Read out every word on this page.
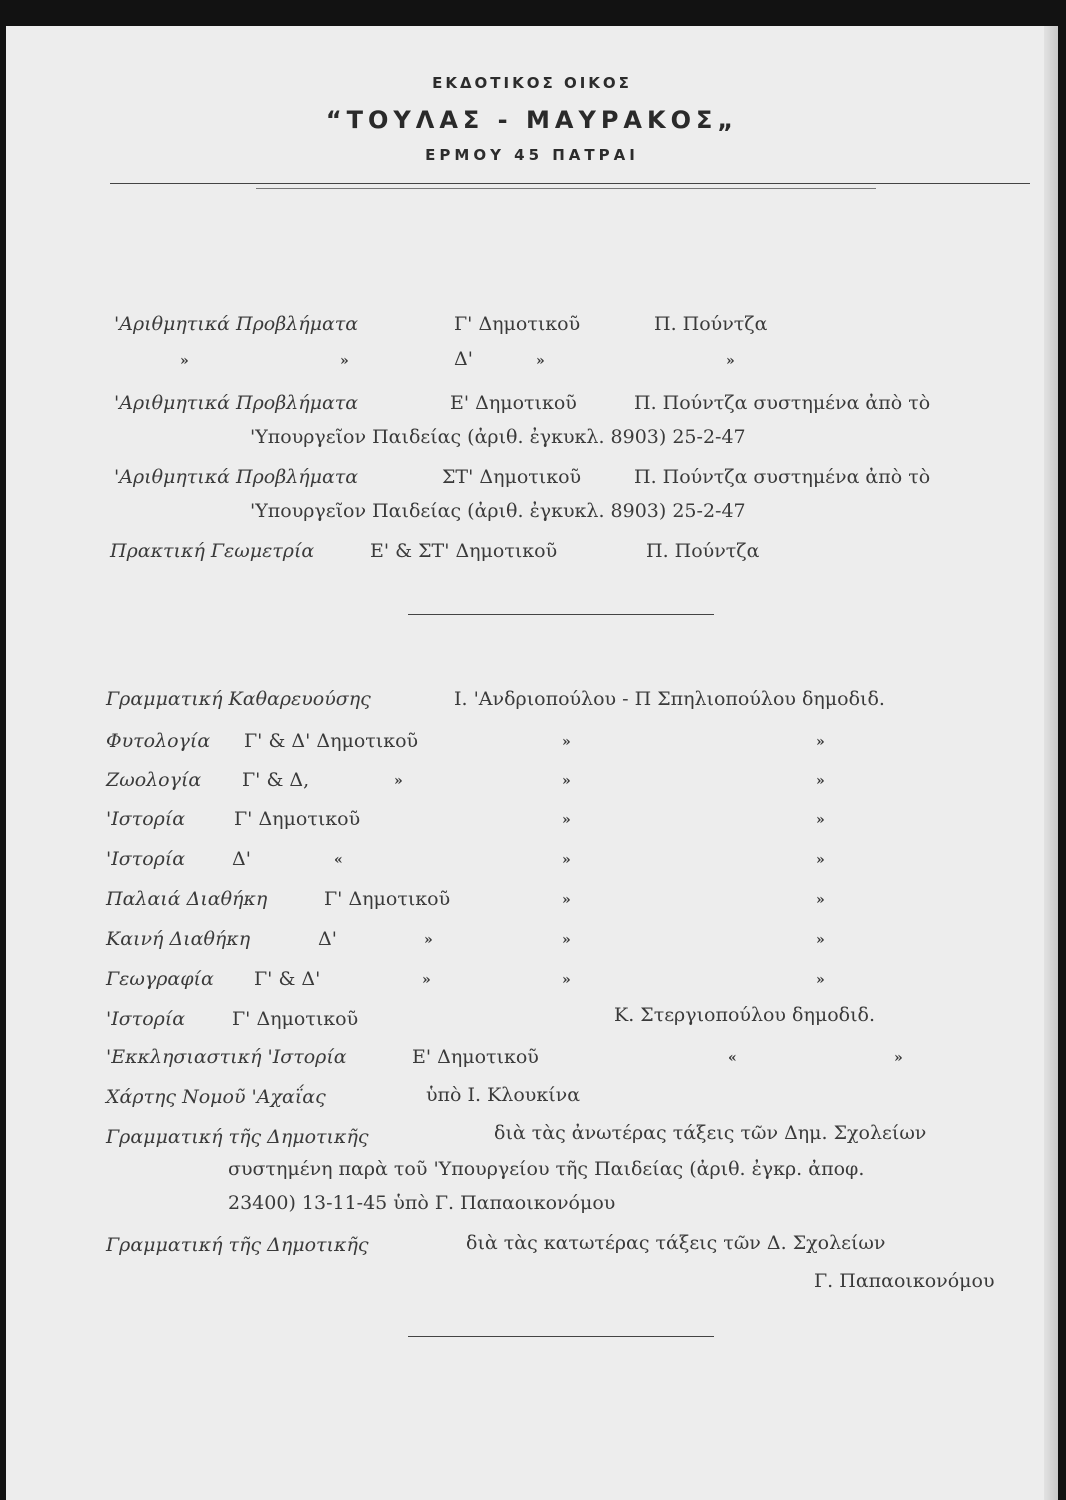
ΕΚΔΟΤΙΚΟΣ ΟΙΚΟΣ
“ΤΟΥΛΑΣ - ΜΑΥΡΑΚΟΣ„
ΕΡΜΟΥ 45 ΠΑΤΡΑΙ
'Αριθμητικά Προβλήματα	Γ' Δημοτικοῦ	Π. Πούντζα
»	»	Δ'	»	»
'Αριθμητικά Προβλήματα	Ε' Δημοτικοῦ	Π. Πούντζα συστημένα ἀπὸ τὸ
'Υπουργεῖον Παιδείας (ἀριθ. ἐγκυκλ. 8903) 25-2-47
'Αριθμητικά Προβλήματα	ΣΤ' Δημοτικοῦ	Π. Πούντζα συστημένα ἀπὸ τὸ
'Υπουργεῖον Παιδείας (ἀριθ. ἐγκυκλ. 8903) 25-2-47
Πρακτική Γεωμετρία	Ε' & ΣΤ' Δημοτικοῦ	Π. Πούντζα
Γραμματική Καθαρευούσης	Ι. 'Ανδριοπούλου - Π Σπηλιοπούλου δημοδιδ.
Φυτολογία Γ' & Δ' Δημοτικοῦ	»	»
Ζωολογία Γ' & Δ,	»	»	»
'Ιστορία	Γ' Δημοτικοῦ	»	»
'Ιστορία Δ'	«	»	»
Παλαιά Διαθήκη	Γ' Δημοτικοῦ	»	»
Καινή Διαθήκη	Δ'	»	»	»
Γεωγραφία Γ' & Δ'	»	»	»
'Ιστορία Γ' Δημοτικοῦ	Κ. Στεργιοπούλου δημοδιδ.
'Εκκλησιαστική 'Ιστορία	Ε' Δημοτικοῦ	«	»
Χάρτης Νομοῦ 'Αχαΐας	ὑπὸ Ι. Κλουκίνα
Γραμματική τῆς Δημοτικῆς	διὰ τὰς ἀνωτέρας τάξεις τῶν Δημ. Σχολείων
συστημένη παρὰ τοῦ 'Υπουργείου τῆς Παιδείας (ἀριθ. ἐγκρ. ἀποφ.
23400) 13-11-45 ὑπὸ Γ. Παπαοικονόμου
Γραμματική τῆς Δημοτικῆς	διὰ τὰς κατωτέρας τάξεις τῶν Δ. Σχολείων
Γ. Παπαοικονόμου
